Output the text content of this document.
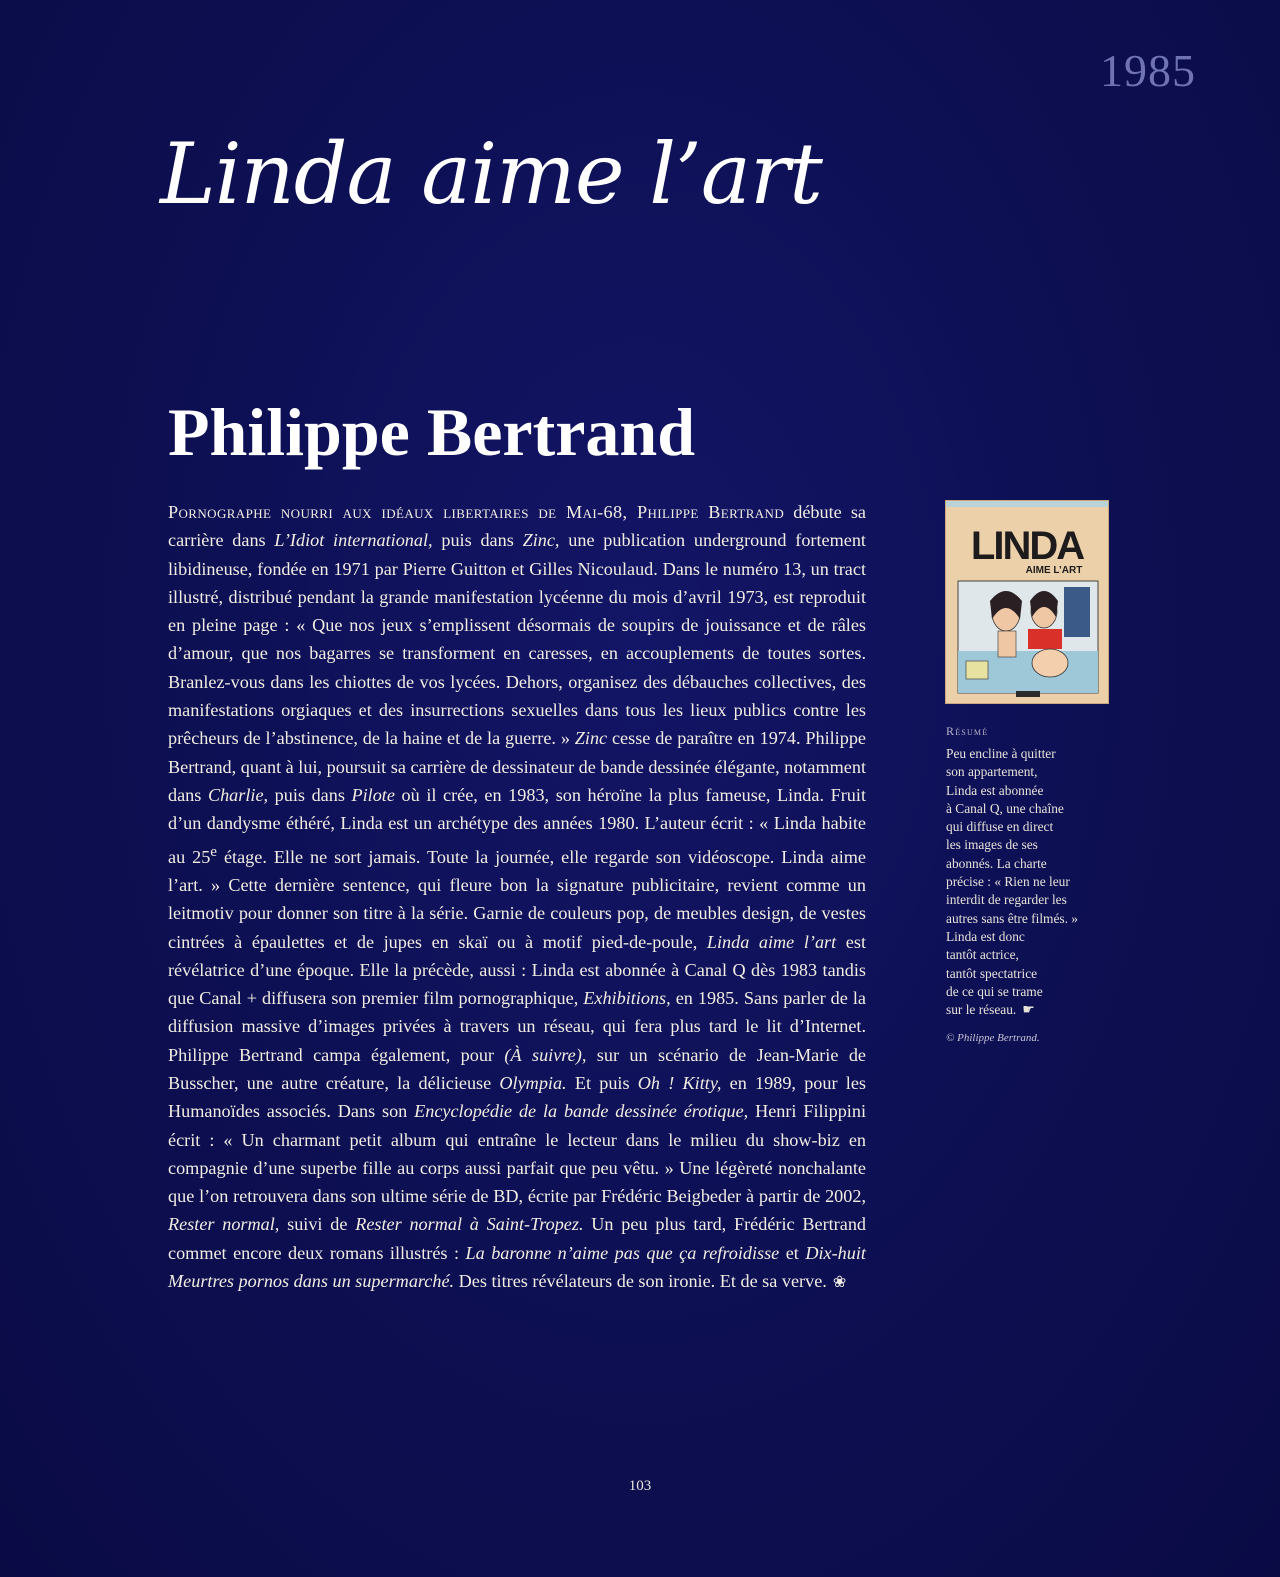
1985
Linda aime l’art
Philippe Bertrand
Pornographe nourri aux idéaux libertaires de Mai-68, Philippe Bertrand débute sa carrière dans L’Idiot international, puis dans Zinc, une publication underground fortement libidineuse, fondée en 1971 par Pierre Guitton et Gilles Nicoulaud. Dans le numéro 13, un tract illustré, distribué pendant la grande manifestation lycéenne du mois d’avril 1973, est reproduit en pleine page : « Que nos jeux s’emplissent désormais de soupirs de jouissance et de râles d’amour, que nos bagarres se transforment en caresses, en accouplements de toutes sortes. Branlez-vous dans les chiottes de vos lycées. Dehors, organisez des débauches collectives, des manifestations orgiaques et des insurrections sexuelles dans tous les lieux publics contre les prêcheurs de l’abstinence, de la haine et de la guerre. » Zinc cesse de paraître en 1974. Philippe Bertrand, quant à lui, poursuit sa carrière de dessinateur de bande dessinée élégante, notamment dans Charlie, puis dans Pilote où il crée, en 1983, son héroïne la plus fameuse, Linda. Fruit d’un dandysme éthéré, Linda est un archétype des années 1980. L’auteur écrit : « Linda habite au 25e étage. Elle ne sort jamais. Toute la journée, elle regarde son vidéoscope. Linda aime l’art. » Cette dernière sentence, qui fleure bon la signature publicitaire, revient comme un leitmotiv pour donner son titre à la série. Garnie de couleurs pop, de meubles design, de vestes cintrées à épaulettes et de jupes en skaï ou à motif pied-de-poule, Linda aime l’art est révélatrice d’une époque. Elle la précède, aussi : Linda est abonnée à Canal Q dès 1983 tandis que Canal + diffusera son premier film pornographique, Exhibitions, en 1985. Sans parler de la diffusion massive d’images privées à travers un réseau, qui fera plus tard le lit d’Internet. Philippe Bertrand campa également, pour (À suivre), sur un scénario de Jean-Marie de Busscher, une autre créature, la délicieuse Olympia. Et puis Oh ! Kitty, en 1989, pour les Humanoïdes associés. Dans son Encyclopédie de la bande dessinée érotique, Henri Filippini écrit : « Un charmant petit album qui entraîne le lecteur dans le milieu du show-biz en compagnie d’une superbe fille au corps aussi parfait que peu vêtu. » Une légèreté nonchalante que l’on retrouvera dans son ultime série de BD, écrite par Frédéric Beigbeder à partir de 2002, Rester normal, suivi de Rester normal à Saint-Tropez. Un peu plus tard, Frédéric Bertrand commet encore deux romans illustrés : La baronne n’aime pas que ça refroidisse et Dix-huit Meurtres pornos dans un supermarché. Des titres révélateurs de son ironie. Et de sa verve. ❀
LINDA
AIME L’ART
Résumé
Peu encline à quitter
son appartement,
Linda est abonnée
à Canal Q, une chaîne
qui diffuse en direct
les images de ses
abonnés. La charte
précise : « Rien ne leur
interdit de regarder les
autres sans être filmés. »
Linda est donc
tantôt actrice,
tantôt spectatrice
de ce qui se trame
sur le réseau. ☛
© Philippe Bertrand.
103
